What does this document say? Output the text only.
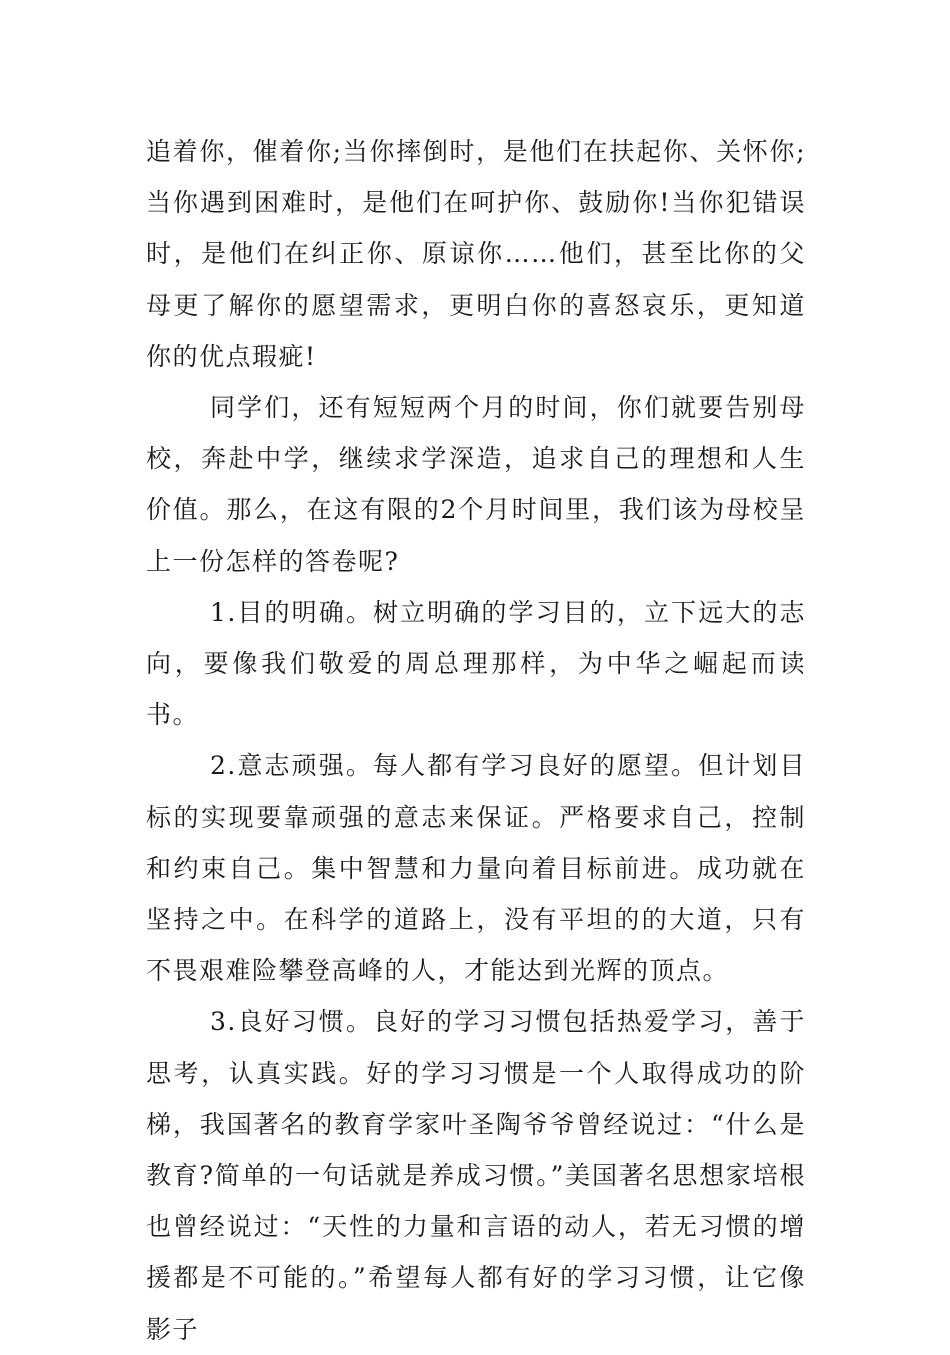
追着你，催着你;当你摔倒时，是他们在扶起你、关怀你;当你遇到困难时，是他们在呵护你、鼓励你!当你犯错误时，是他们在纠正你、原谅你……他们，甚至比你的父母更了解你的愿望需求，更明白你的喜怒哀乐，更知道你的优点瑕疵!

同学们，还有短短两个月的时间，你们就要告别母校，奔赴中学，继续求学深造，追求自己的理想和人生价值。那么，在这有限的2个月时间里，我们该为母校呈上一份怎样的答卷呢?

1.目的明确。树立明确的学习目的，立下远大的志向，要像我们敬爱的周总理那样，为中华之崛起而读书。

2.意志顽强。每人都有学习良好的愿望。但计划目标的实现要靠顽强的意志来保证。严格要求自己，控制和约束自己。集中智慧和力量向着目标前进。成功就在坚持之中。在科学的道路上，没有平坦的的大道，只有不畏艰难险攀登高峰的人，才能达到光辉的顶点。

3.良好习惯。良好的学习习惯包括热爱学习，善于思考，认真实践。好的学习习惯是一个人取得成功的阶梯，我国著名的教育学家叶圣陶爷爷曾经说过：“什么是教育?简单的一句话就是养成习惯。”美国著名思想家培根也曾经说过：“天性的力量和言语的动人，若无习惯的增援都是不可能的。”希望每人都有好的学习习惯，让它像影子
